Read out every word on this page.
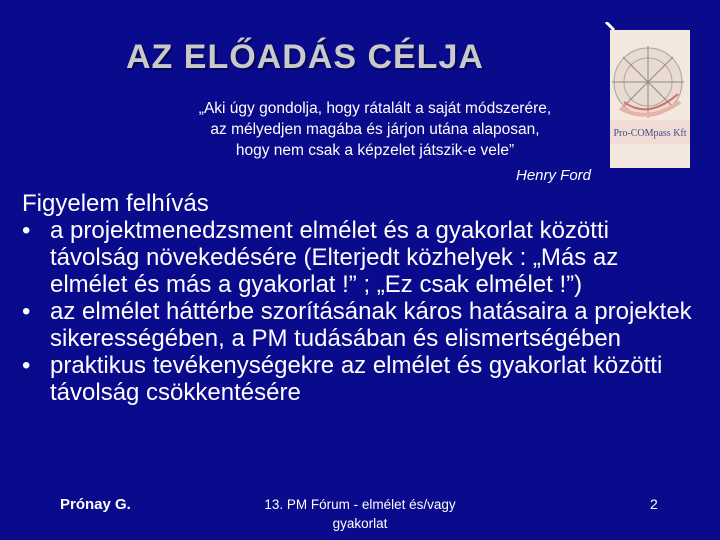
AZ ELŐADÁS CÉLJA
„Aki úgy gondolja, hogy rátalált a saját módszerére,
az mélyedjen magába és járjon utána alaposan,
hogy nem csak a képzelet játszik-e vele”
Henry Ford
Pro-COMpass Kft
Figyelem felhívás
• a projektmenedzsment elmélet és a gyakorlat közötti távolság növekedésére (Elterjedt közhelyek : „Más az elmélet és más a gyakorlat !” ; „Ez csak elmélet !”)
• az elmélet háttérbe szorításának káros hatásaira a projektek sikerességében, a PM tudásában és elismertségében
• praktikus tevékenységekre az elmélet és gyakorlat közötti távolság csökkentésére
Prónay G.	13. PM Fórum - elmélet és/vagy gyakorlat
2
